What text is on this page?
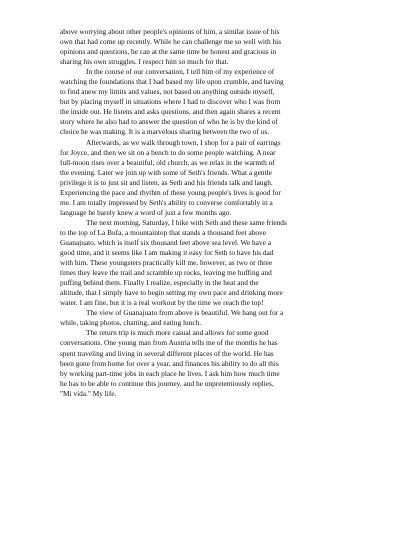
above worrying about other people's opinions of him, a similar issue of his
own that had come up recently. While he can challenge me so well with his
opinions and questions, he can at the same time be honest and gracious in
sharing his own struggles. I respect him so much for that.
In the course of our conversation, I tell him of my experience of
watching the foundations that I had based my life upon crumble, and having
to find anew my limits and values, not based on anything outside myself,
but by placing myself in situations where I had to discover who I was from
the inside out. He listens and asks questions, and then again shares a recent
story where he also had to answer the question of who he is by the kind of
choice he was making. It is a marvelous sharing between the two of us.
Afterwards, as we walk through town, I shop for a pair of earrings
for Joyce, and then we sit on a bench to do some people watching. A near
full-moon rises over a beautiful, old church, as we relax in the warmth of
the evening. Later we join up with some of Seth's friends. What a gentle
privilege it is to just sit and listen, as Seth and his friends talk and laugh.
Experiencing the pace and rhythm of these young people's lives is good for
me. I am totally impressed by Seth's ability to converse comfortably in a
language he barely knew a word of just a few months ago.
The next morning, Saturday, I hike with Seth and these same friends
to the top of La Bufa, a mountaintop that stands a thousand feet above
Guanajuato, which is itself six thousand feet above sea level. We have a
good time, and it seems like I am making it easy for Seth to have his dad
with him. These youngsters practically kill me, however, as two or three
times they leave the trail and scramble up rocks, leaving me huffing and
puffing behind them. Finally I realize, especially in the heat and the
altitude, that I simply have to begin setting my own pace and drinking more
water. I am fine, but it is a real workout by the time we reach the top!
The view of Guanajuato from above is beautiful. We hang out for a
while, taking photos, chatting, and eating lunch.
The return trip is much more casual and allows for some good
conversations. One young man from Austria tells me of the months he has
spent traveling and living in several different places of the world. He has
been gone from home for over a year, and finances his ability to do all this
by working part-time jobs in each place he lives. I ask him how much time
he has to be able to continue this journey, and he unpretentiously replies,
"Mi vida." My life.
